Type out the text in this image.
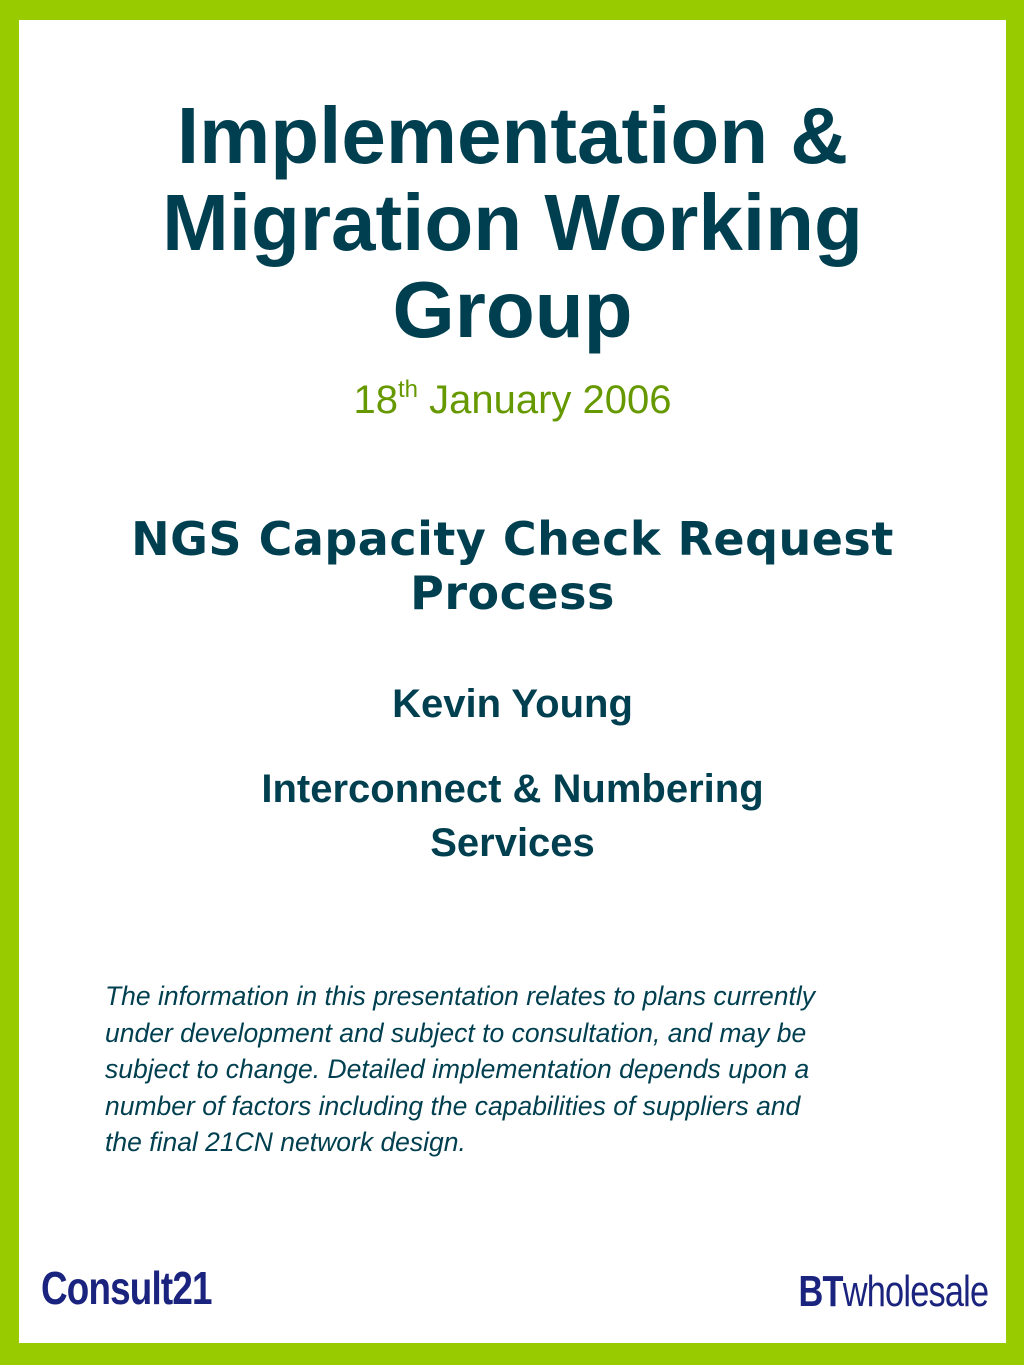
Implementation &
Migration Working
Group
18th January 2006
NGS Capacity Check Request
Process
Kevin Young
Interconnect & Numbering
Services
The information in this presentation relates to plans currently
under development and subject to consultation, and may be
subject to change. Detailed implementation depends upon a
number of factors including the capabilities of suppliers and
the final 21CN network design.
Consult21	BTwholesale
